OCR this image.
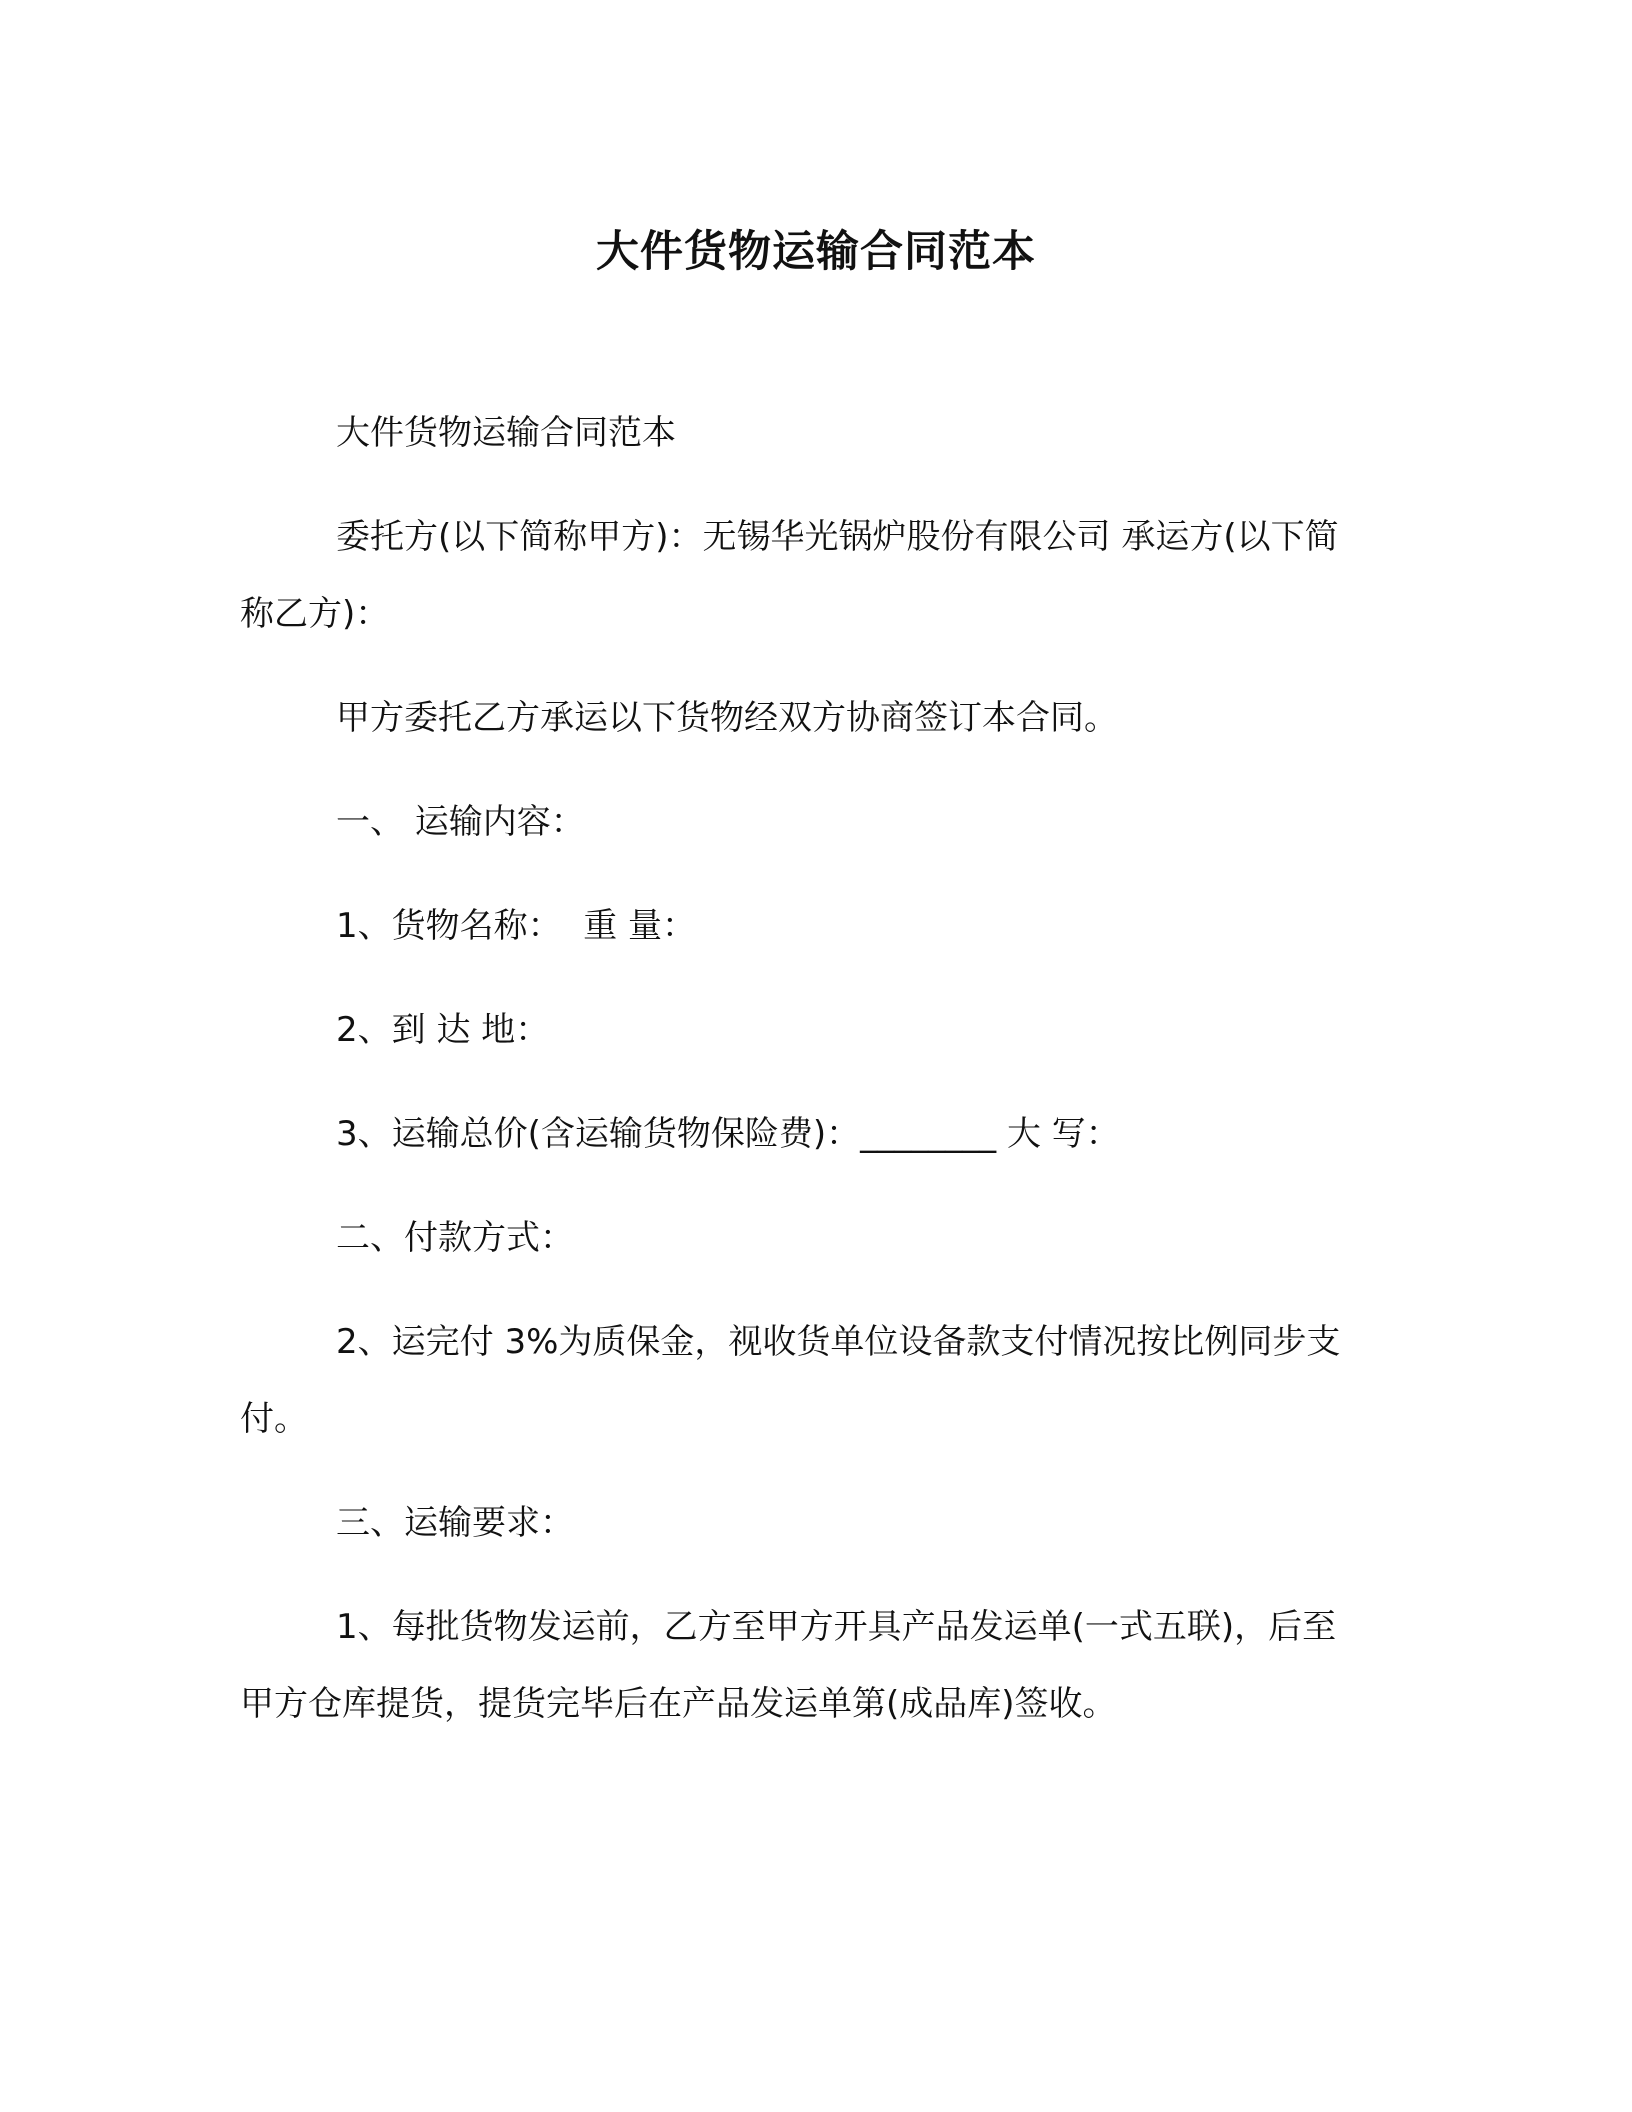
大件货物运输合同范本

大件货物运输合同范本

委托方(以下简称甲方)：无锡华光锅炉股份有限公司 承运方(以下简称乙方)：

甲方委托乙方承运以下货物经双方协商签订本合同。

一、 运输内容：

1、货物名称：  重 量：

2、到 达 地：

3、运输总价(含运输货物保险费)：________ 大 写：

二、付款方式：

2、运完付 3%为质保金，视收货单位设备款支付情况按比例同步支付。

三、运输要求：

1、每批货物发运前，乙方至甲方开具产品发运单(一式五联)，后至甲方仓库提货，提货完毕后在产品发运单第(成品库)签收。
